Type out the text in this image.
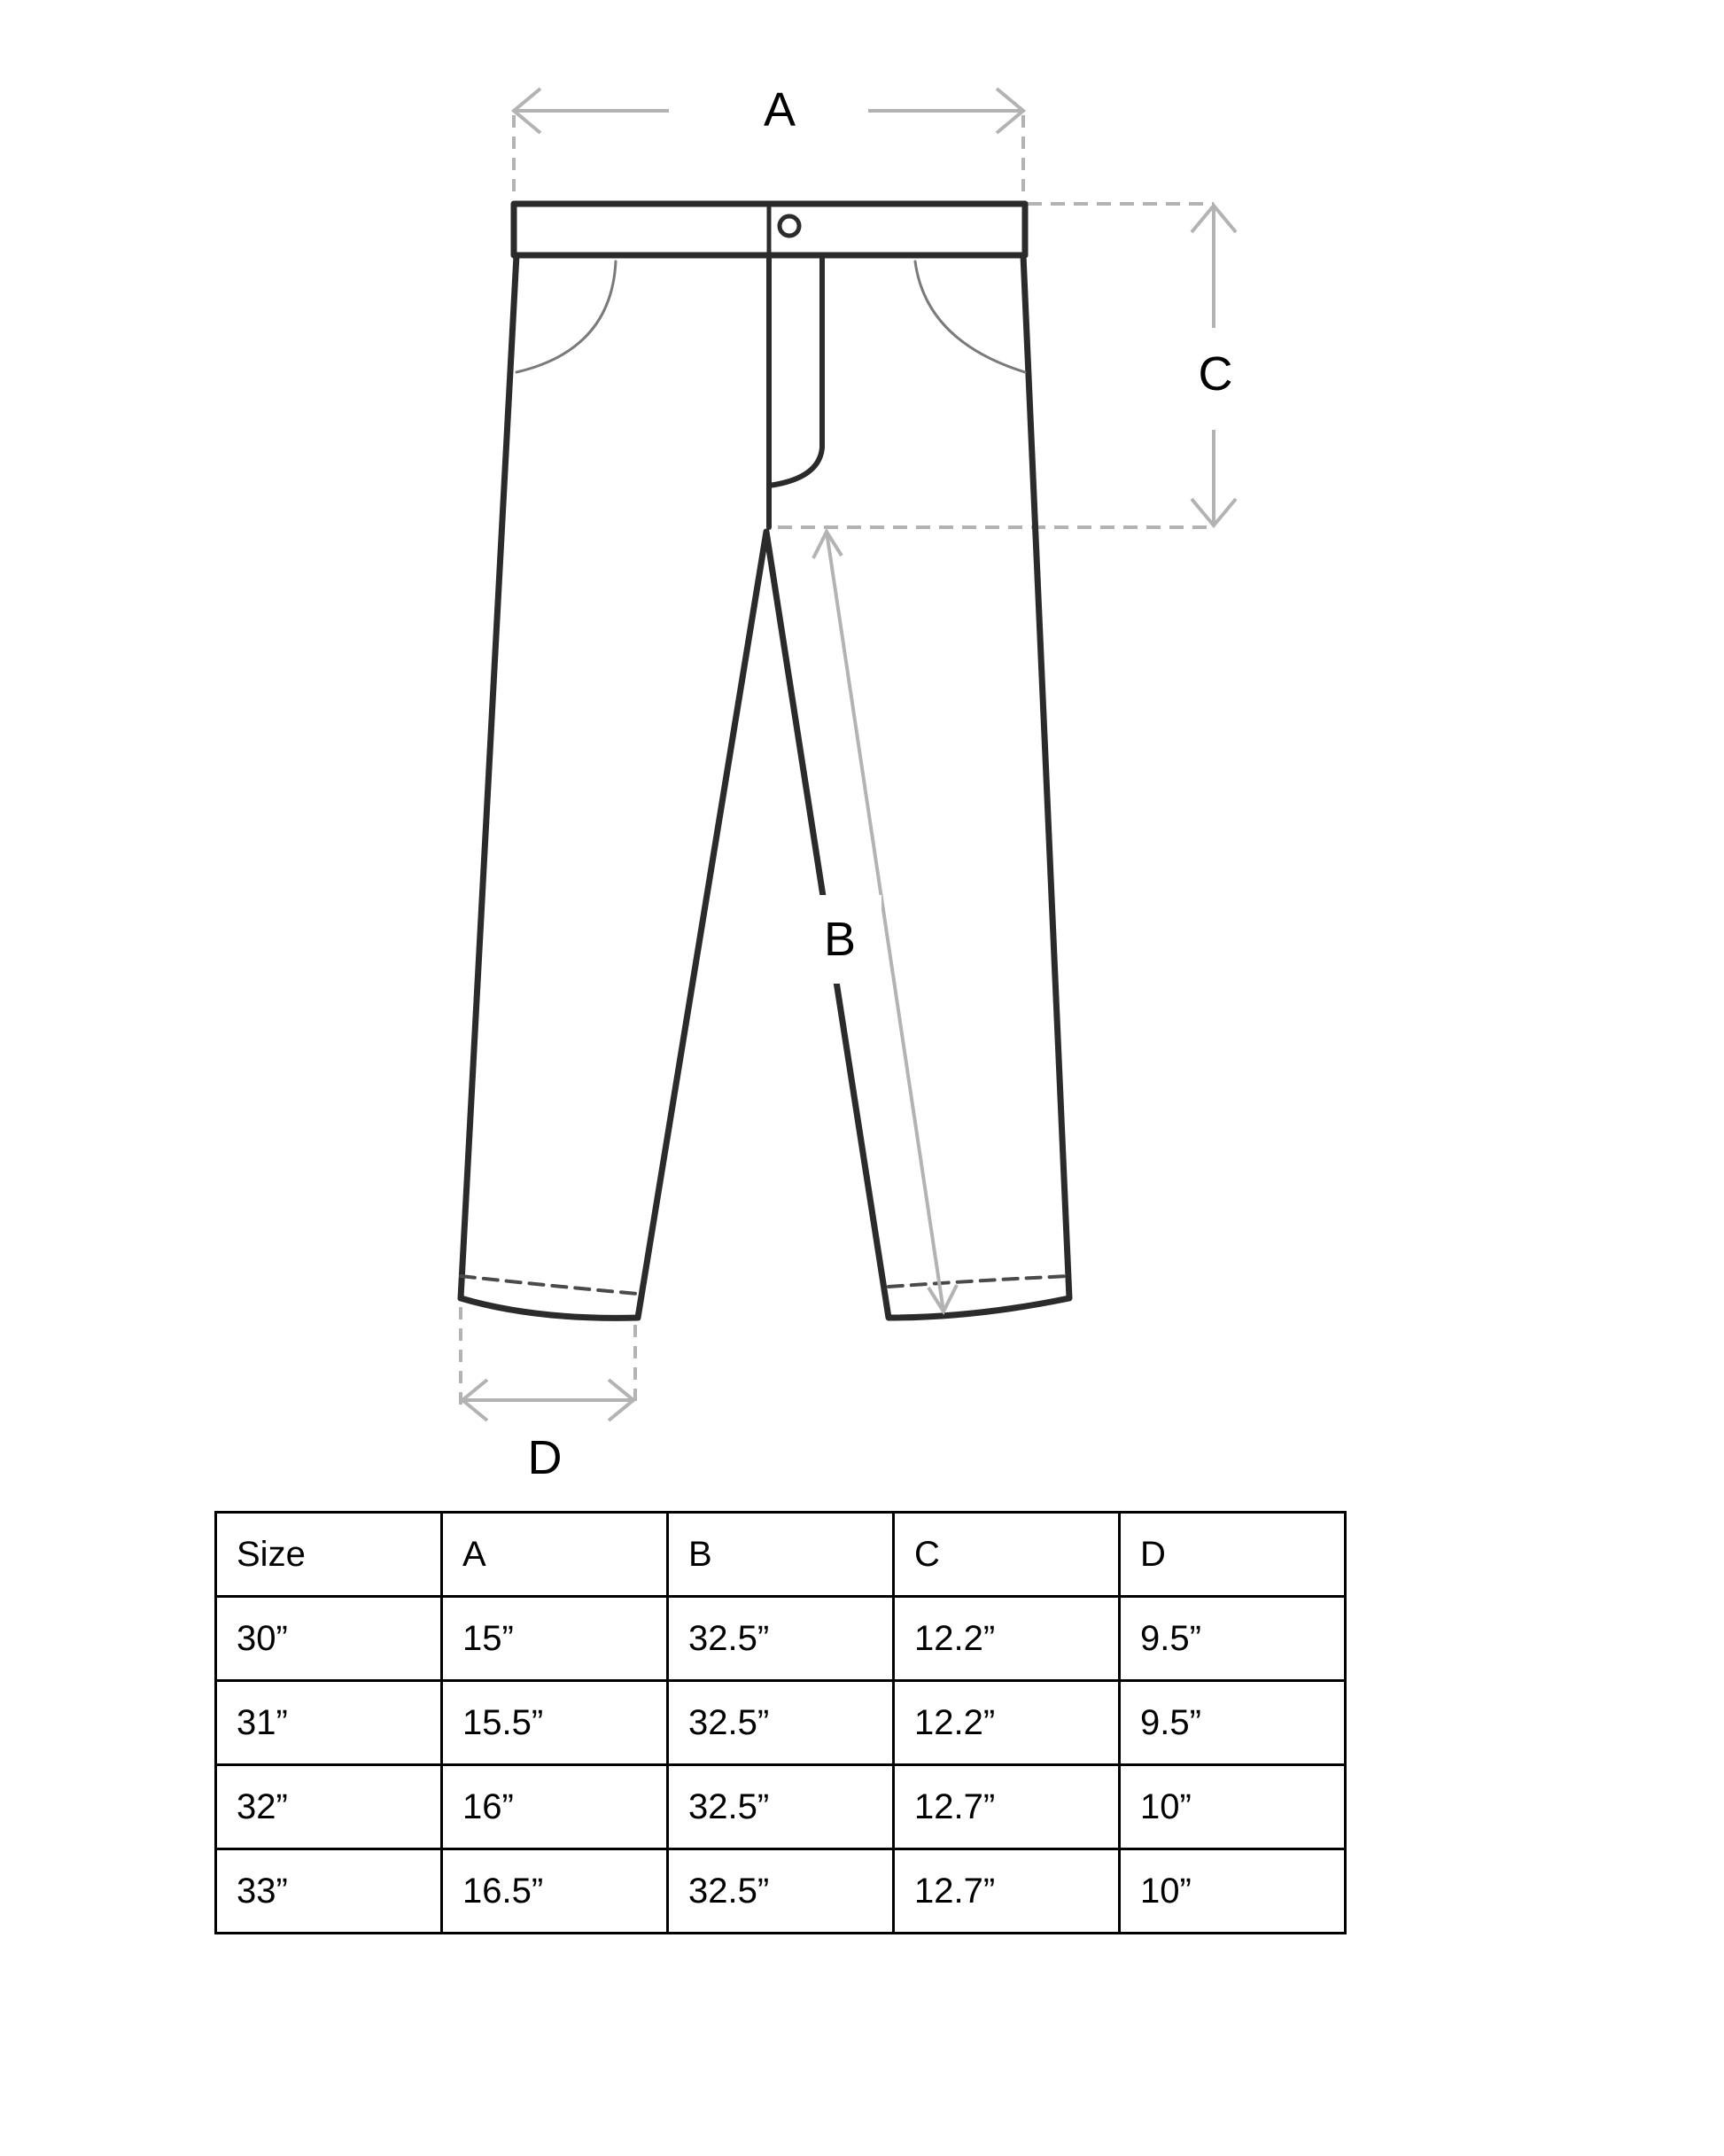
A
C
B
D
Size	A	B	C	D
30”	15”	32.5”	12.2”	9.5”
31”	15.5”	32.5”	12.2”	9.5”
32”	16”	32.5”	12.7”	10”
33”	16.5”	32.5”	12.7”	10”
